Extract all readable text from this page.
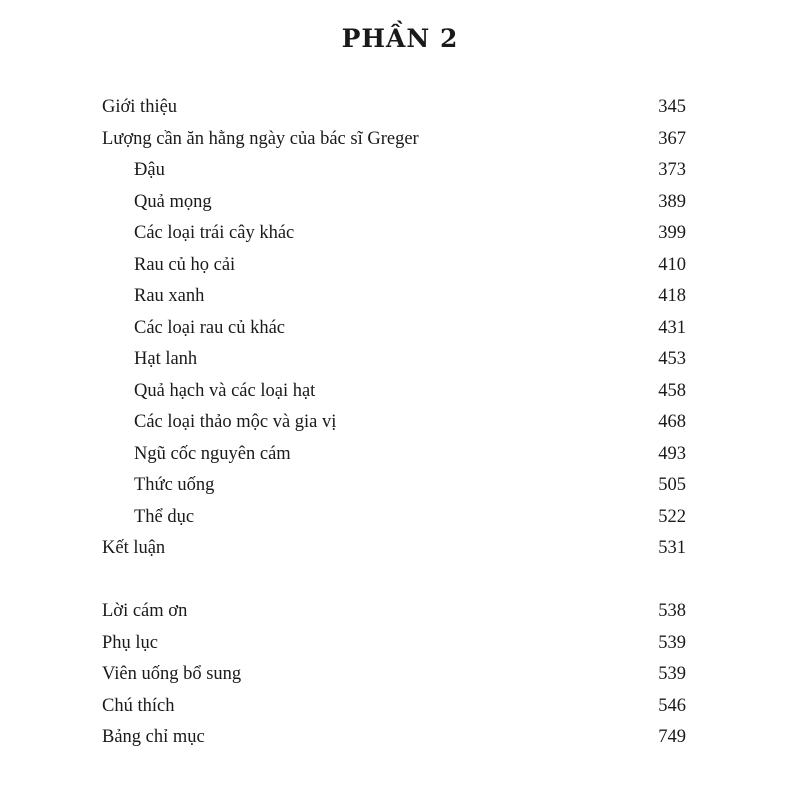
PHẦN 2
Giới thiệu	345
Lượng cần ăn hằng ngày của bác sĩ Greger	367
Đậu	373
Quả mọng	389
Các loại trái cây khác	399
Rau củ họ cải	410
Rau xanh	418
Các loại rau củ khác	431
Hạt lanh	453
Quả hạch và các loại hạt	458
Các loại thảo mộc và gia vị	468
Ngũ cốc nguyên cám	493
Thức uống	505
Thể dục	522
Kết luận	531
Lời cám ơn	538
Phụ lục	539
Viên uống bổ sung	539
Chú thích	546
Bảng chỉ mục	749
